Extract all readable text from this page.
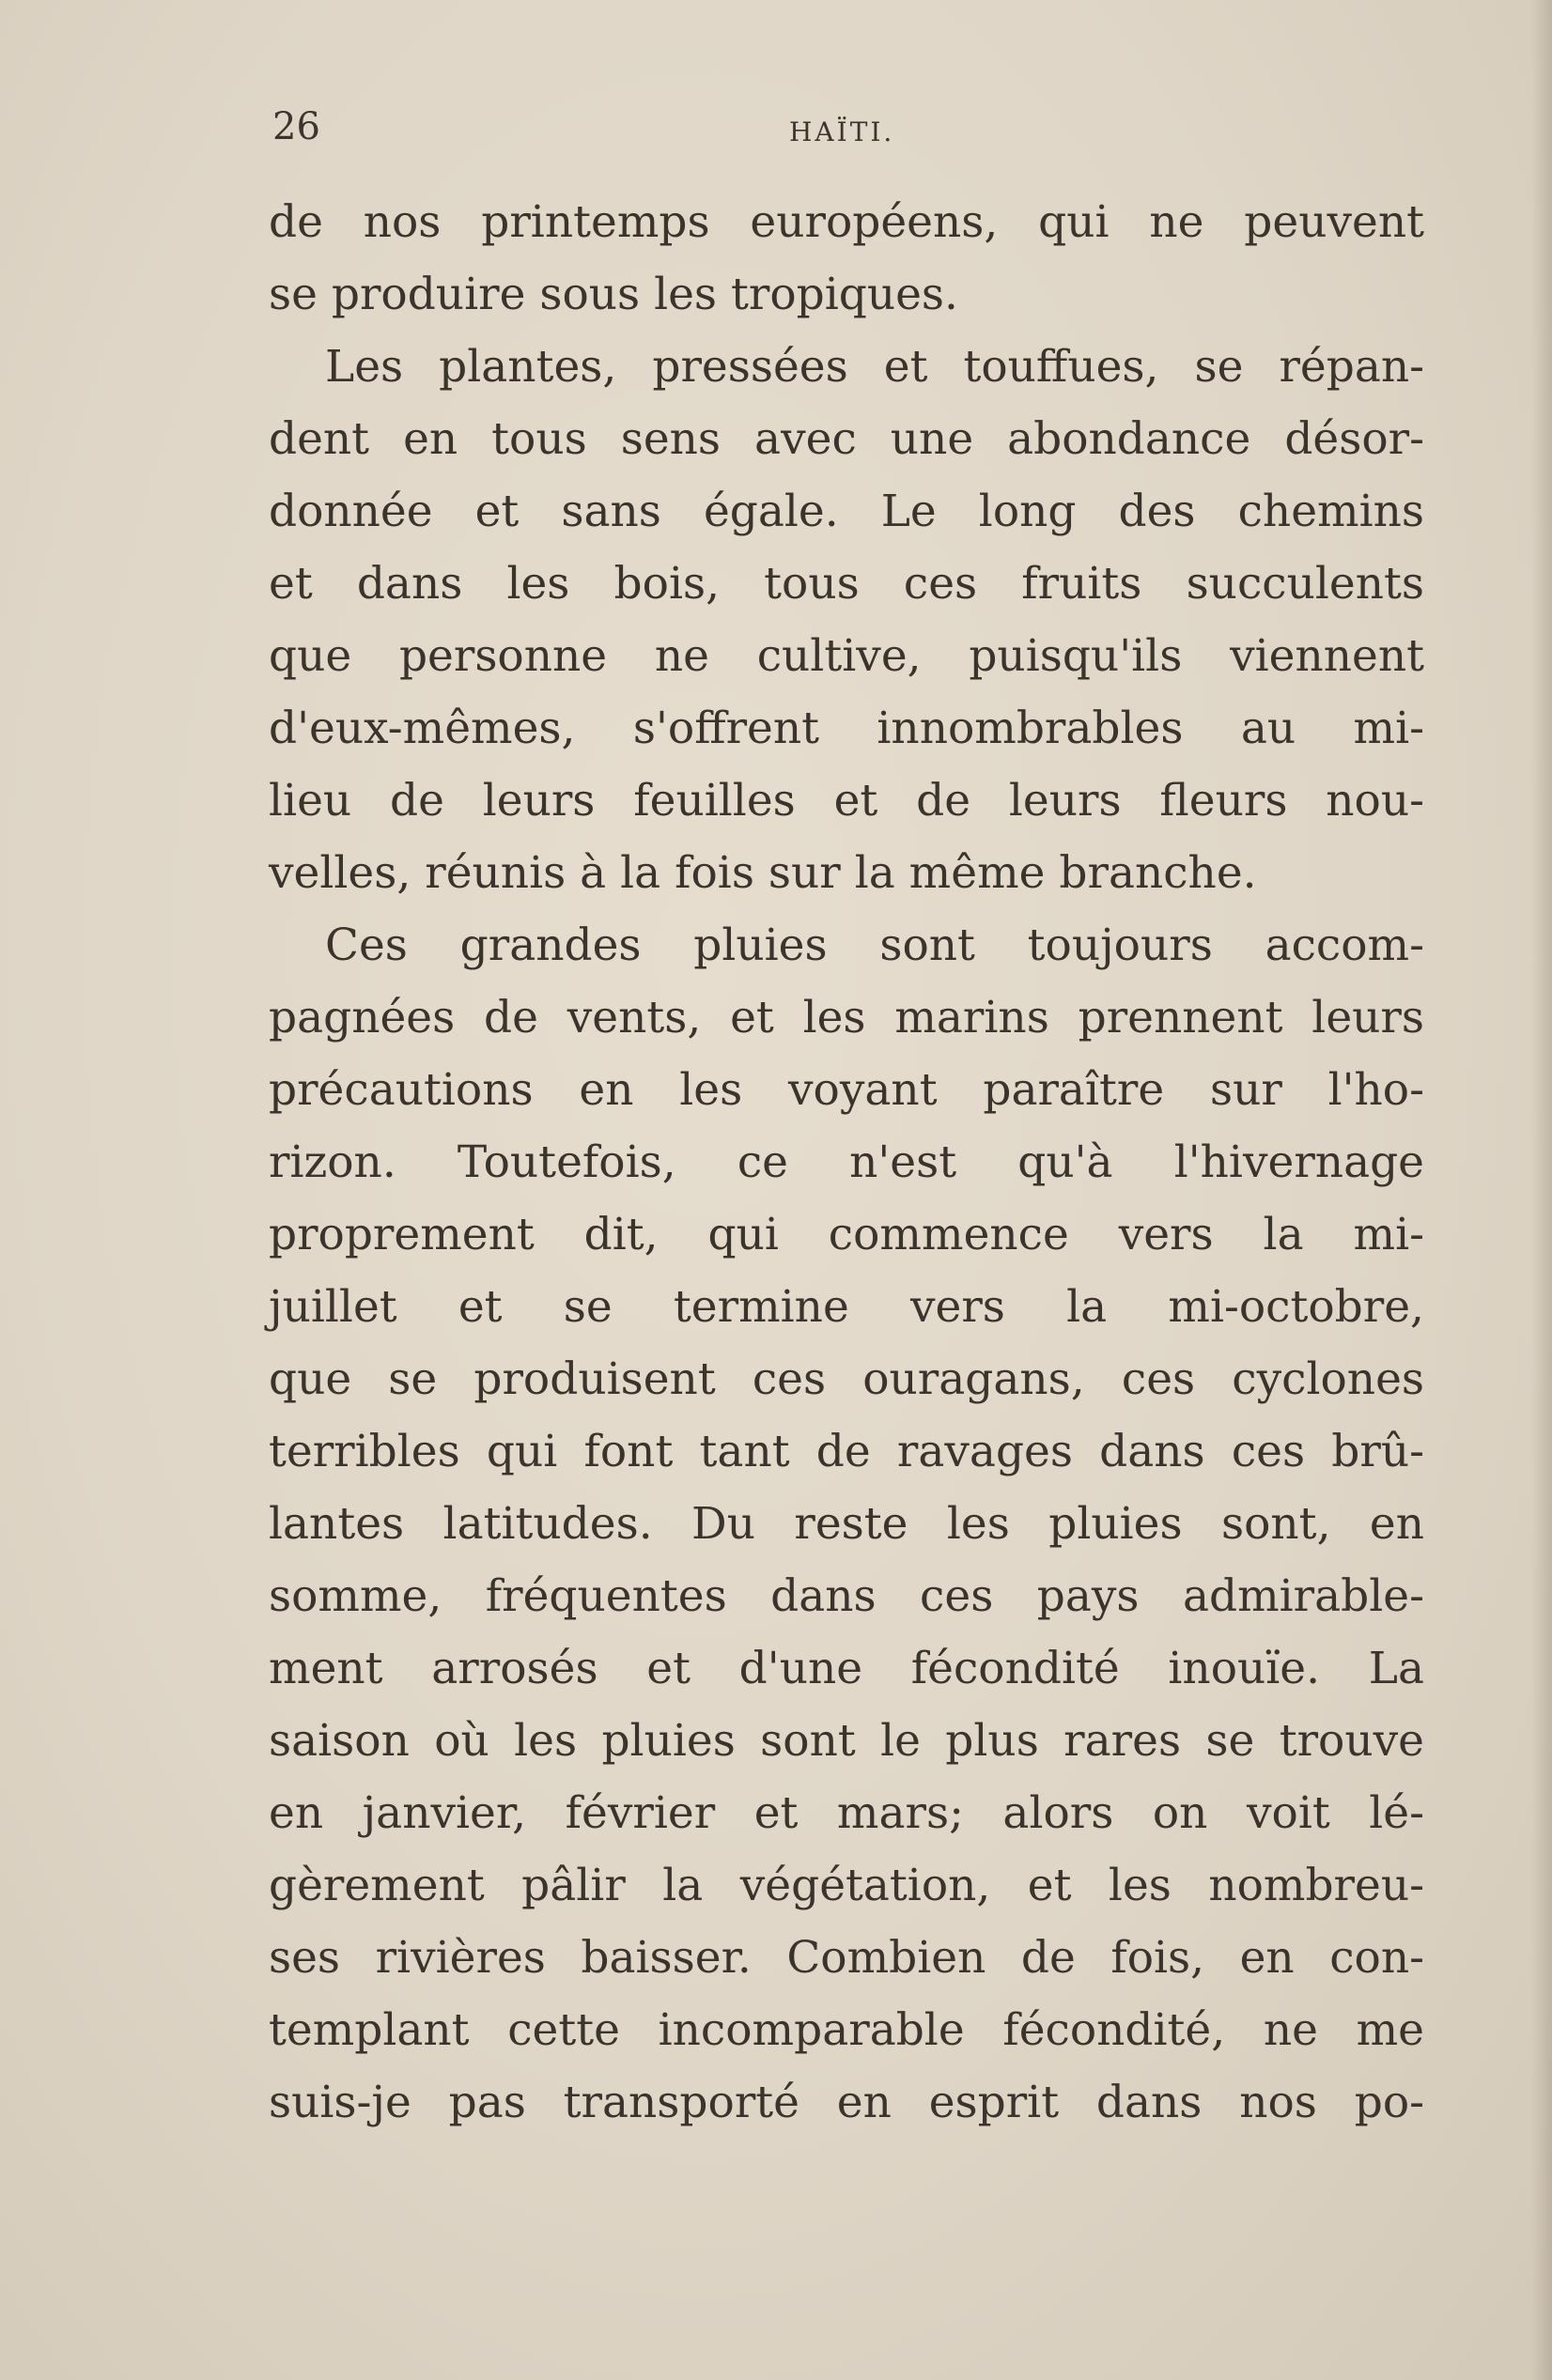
26	HAÏTI.
de nos printemps européens, qui ne peuvent
se produire sous les tropiques.
Les plantes, pressées et touffues, se répan-
dent en tous sens avec une abondance désor-
donnée et sans égale. Le long des chemins
et dans les bois, tous ces fruits succulents
que personne ne cultive, puisqu'ils viennent
d'eux-mêmes, s'offrent innombrables au mi-
lieu de leurs feuilles et de leurs fleurs nou-
velles, réunis à la fois sur la même branche.
Ces grandes pluies sont toujours accom-
pagnées de vents, et les marins prennent leurs
précautions en les voyant paraître sur l'ho-
rizon. Toutefois, ce n'est qu'à l'hivernage
proprement dit, qui commence vers la mi-
juillet et se termine vers la mi-octobre,
que se produisent ces ouragans, ces cyclones
terribles qui font tant de ravages dans ces brû-
lantes latitudes. Du reste les pluies sont, en
somme, fréquentes dans ces pays admirable-
ment arrosés et d'une fécondité inouïe. La
saison où les pluies sont le plus rares se trouve
en janvier, février et mars; alors on voit lé-
gèrement pâlir la végétation, et les nombreu-
ses rivières baisser. Combien de fois, en con-
templant cette incomparable fécondité, ne me
suis-je pas transporté en esprit dans nos po-
